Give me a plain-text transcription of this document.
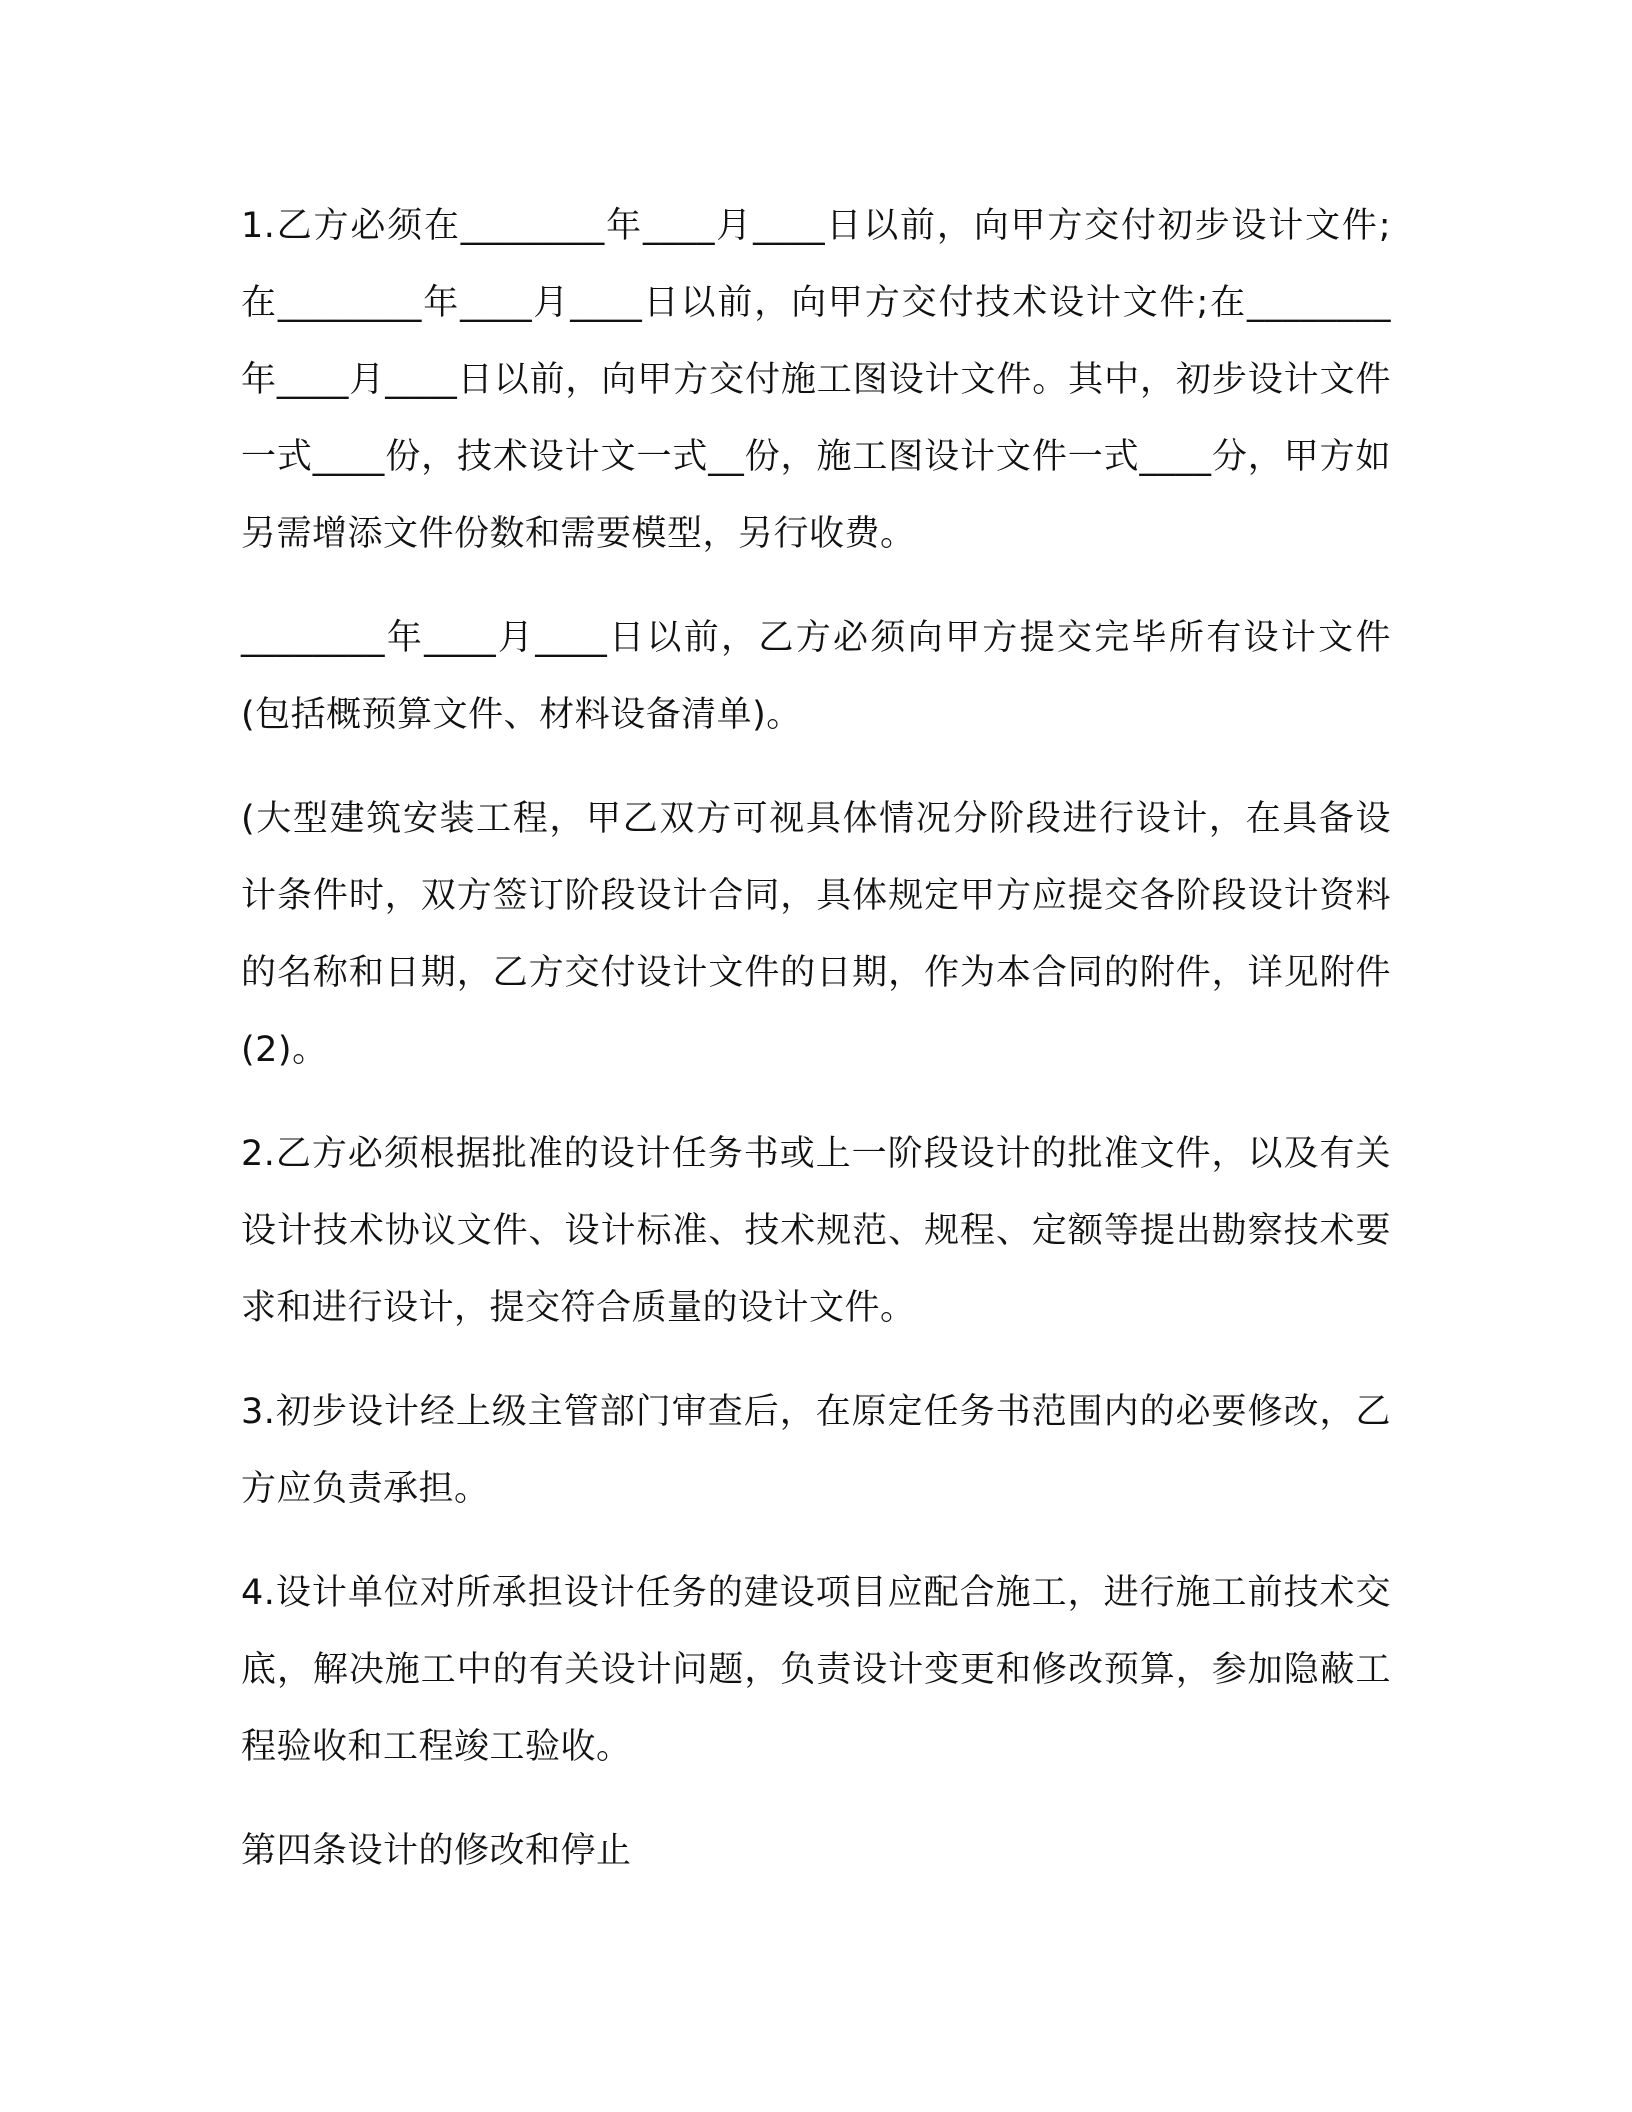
1.乙方必须在________年____月____日以前，向甲方交付初步设计文件;在________年____月____日以前，向甲方交付技术设计文件;在________年____月____日以前，向甲方交付施工图设计文件。其中，初步设计文件一式____份，技术设计文一式__份，施工图设计文件一式____分，甲方如另需增添文件份数和需要模型，另行收费。

________年____月____日以前，乙方必须向甲方提交完毕所有设计文件(包括概预算文件、材料设备清单)。

(大型建筑安装工程，甲乙双方可视具体情况分阶段进行设计，在具备设计条件时，双方签订阶段设计合同，具体规定甲方应提交各阶段设计资料的名称和日期，乙方交付设计文件的日期，作为本合同的附件，详见附件(2)。

2.乙方必须根据批准的设计任务书或上一阶段设计的批准文件，以及有关设计技术协议文件、设计标准、技术规范、规程、定额等提出勘察技术要求和进行设计，提交符合质量的设计文件。

3.初步设计经上级主管部门审查后，在原定任务书范围内的必要修改，乙方应负责承担。

4.设计单位对所承担设计任务的建设项目应配合施工，进行施工前技术交底，解决施工中的有关设计问题，负责设计变更和修改预算，参加隐蔽工程验收和工程竣工验收。

第四条设计的修改和停止
